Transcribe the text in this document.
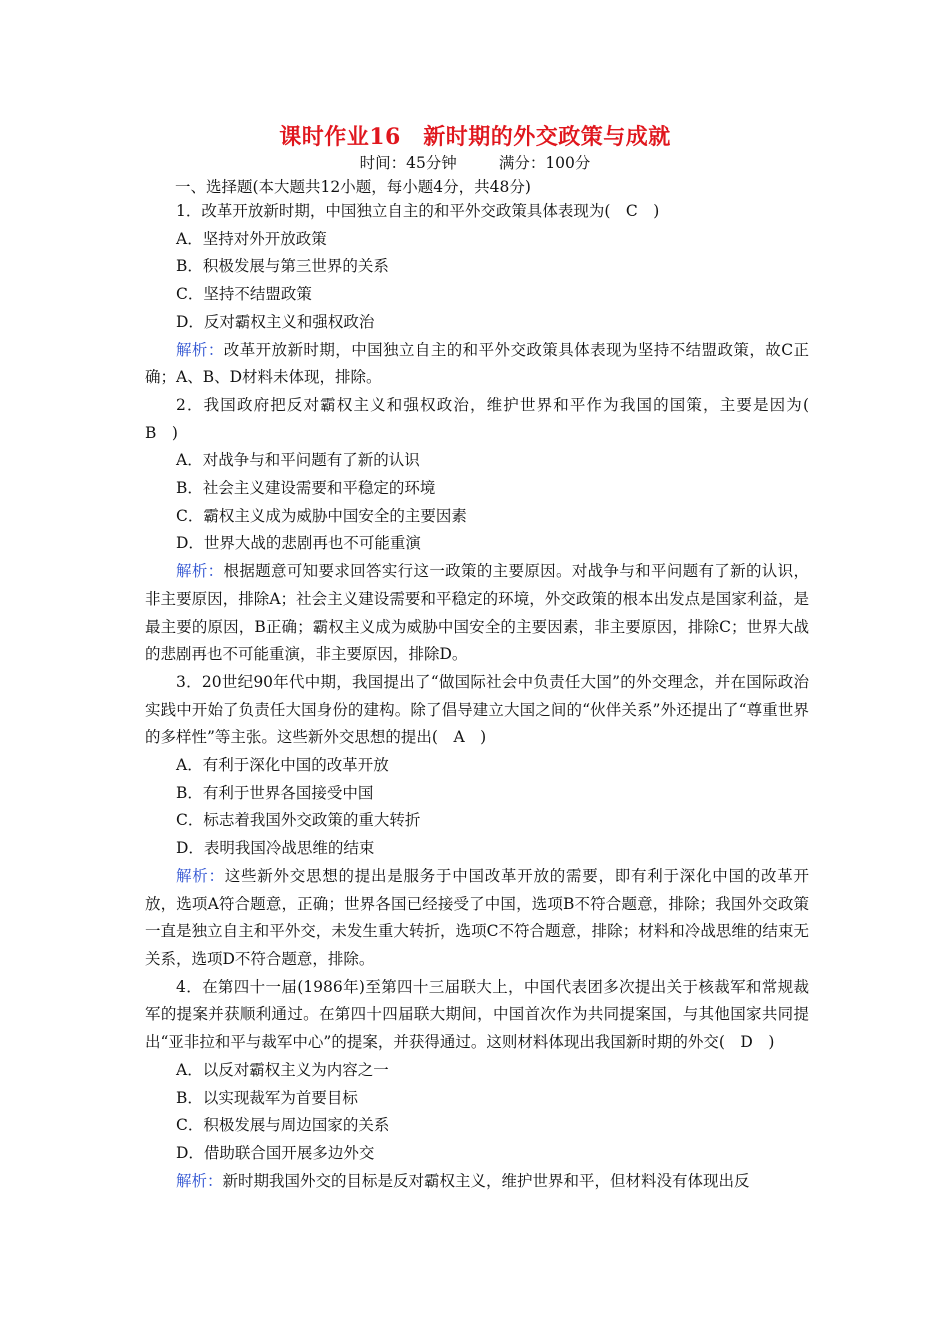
课时作业16　新时期的外交政策与成就
时间：45分钟	满分：100分
一、选择题(本大题共12小题，每小题4分，共48分)

1．改革开放新时期，中国独立自主的和平外交政策具体表现为(　C　)

A．坚持对外开放政策

B．积极发展与第三世界的关系

C．坚持不结盟政策

D．反对霸权主义和强权政治

解析：改革开放新时期，中国独立自主的和平外交政策具体表现为坚持不结盟政策，故C正确；A、B、D材料未体现，排除。

2．我国政府把反对霸权主义和强权政治，维护世界和平作为我国的国策，主要是因为(　B　)

A．对战争与和平问题有了新的认识

B．社会主义建设需要和平稳定的环境

C．霸权主义成为威胁中国安全的主要因素

D．世界大战的悲剧再也不可能重演

解析：根据题意可知要求回答实行这一政策的主要原因。对战争与和平问题有了新的认识，非主要原因，排除A；社会主义建设需要和平稳定的环境，外交政策的根本出发点是国家利益，是最主要的原因，B正确；霸权主义成为威胁中国安全的主要因素，非主要原因，排除C；世界大战的悲剧再也不可能重演，非主要原因，排除D。

3．20世纪90年代中期，我国提出了“做国际社会中负责任大国”的外交理念，并在国际政治实践中开始了负责任大国身份的建构。除了倡导建立大国之间的“伙伴关系”外还提出了“尊重世界的多样性”等主张。这些新外交思想的提出(　A　)

A．有利于深化中国的改革开放

B．有利于世界各国接受中国

C．标志着我国外交政策的重大转折

D．表明我国冷战思维的结束

解析：这些新外交思想的提出是服务于中国改革开放的需要，即有利于深化中国的改革开放，选项A符合题意，正确；世界各国已经接受了中国，选项B不符合题意，排除；我国外交政策一直是独立自主和平外交，未发生重大转折，选项C不符合题意，排除；材料和冷战思维的结束无关系，选项D不符合题意，排除。

4．在第四十一届(1986年)至第四十三届联大上，中国代表团多次提出关于核裁军和常规裁军的提案并获顺利通过。在第四十四届联大期间，中国首次作为共同提案国，与其他国家共同提出“亚非拉和平与裁军中心”的提案，并获得通过。这则材料体现出我国新时期的外交(　D　)

A．以反对霸权主义为内容之一

B．以实现裁军为首要目标

C．积极发展与周边国家的关系

D．借助联合国开展多边外交

解析：新时期我国外交的目标是反对霸权主义，维护世界和平，但材料没有体现出反
